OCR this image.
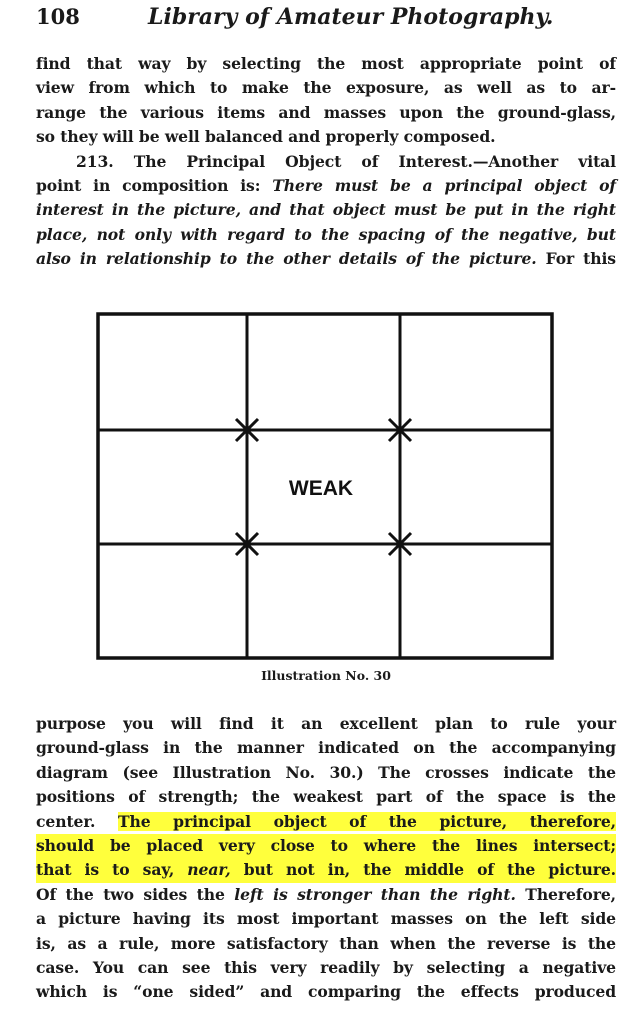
108	Library of Amateur Photography.
find that way by selecting the most appropriate point of
view from which to make the exposure, as well as to ar-
range the various items and masses upon the ground-glass,
so they will be well balanced and properly composed.
213. The Principal Object of Interest.—Another vital
point in composition is: There must be a principal object of
interest in the picture, and that object must be put in the right
place, not only with regard to the spacing of the negative, but
also in relationship to the other details of the picture. For this
WEAK
Illustration No. 30
purpose you will find it an excellent plan to rule your
ground-glass in the manner indicated on the accompanying
diagram (see Illustration No. 30.) The crosses indicate the
positions of strength; the weakest part of the space is the
center. The principal object of the picture, therefore,
should be placed very close to where the lines intersect;
that is to say, near, but not in, the middle of the picture.
Of the two sides the left is stronger than the right. Therefore,
a picture having its most important masses on the left side
is, as a rule, more satisfactory than when the reverse is the
case. You can see this very readily by selecting a negative
which is “one sided” and comparing the effects produced
